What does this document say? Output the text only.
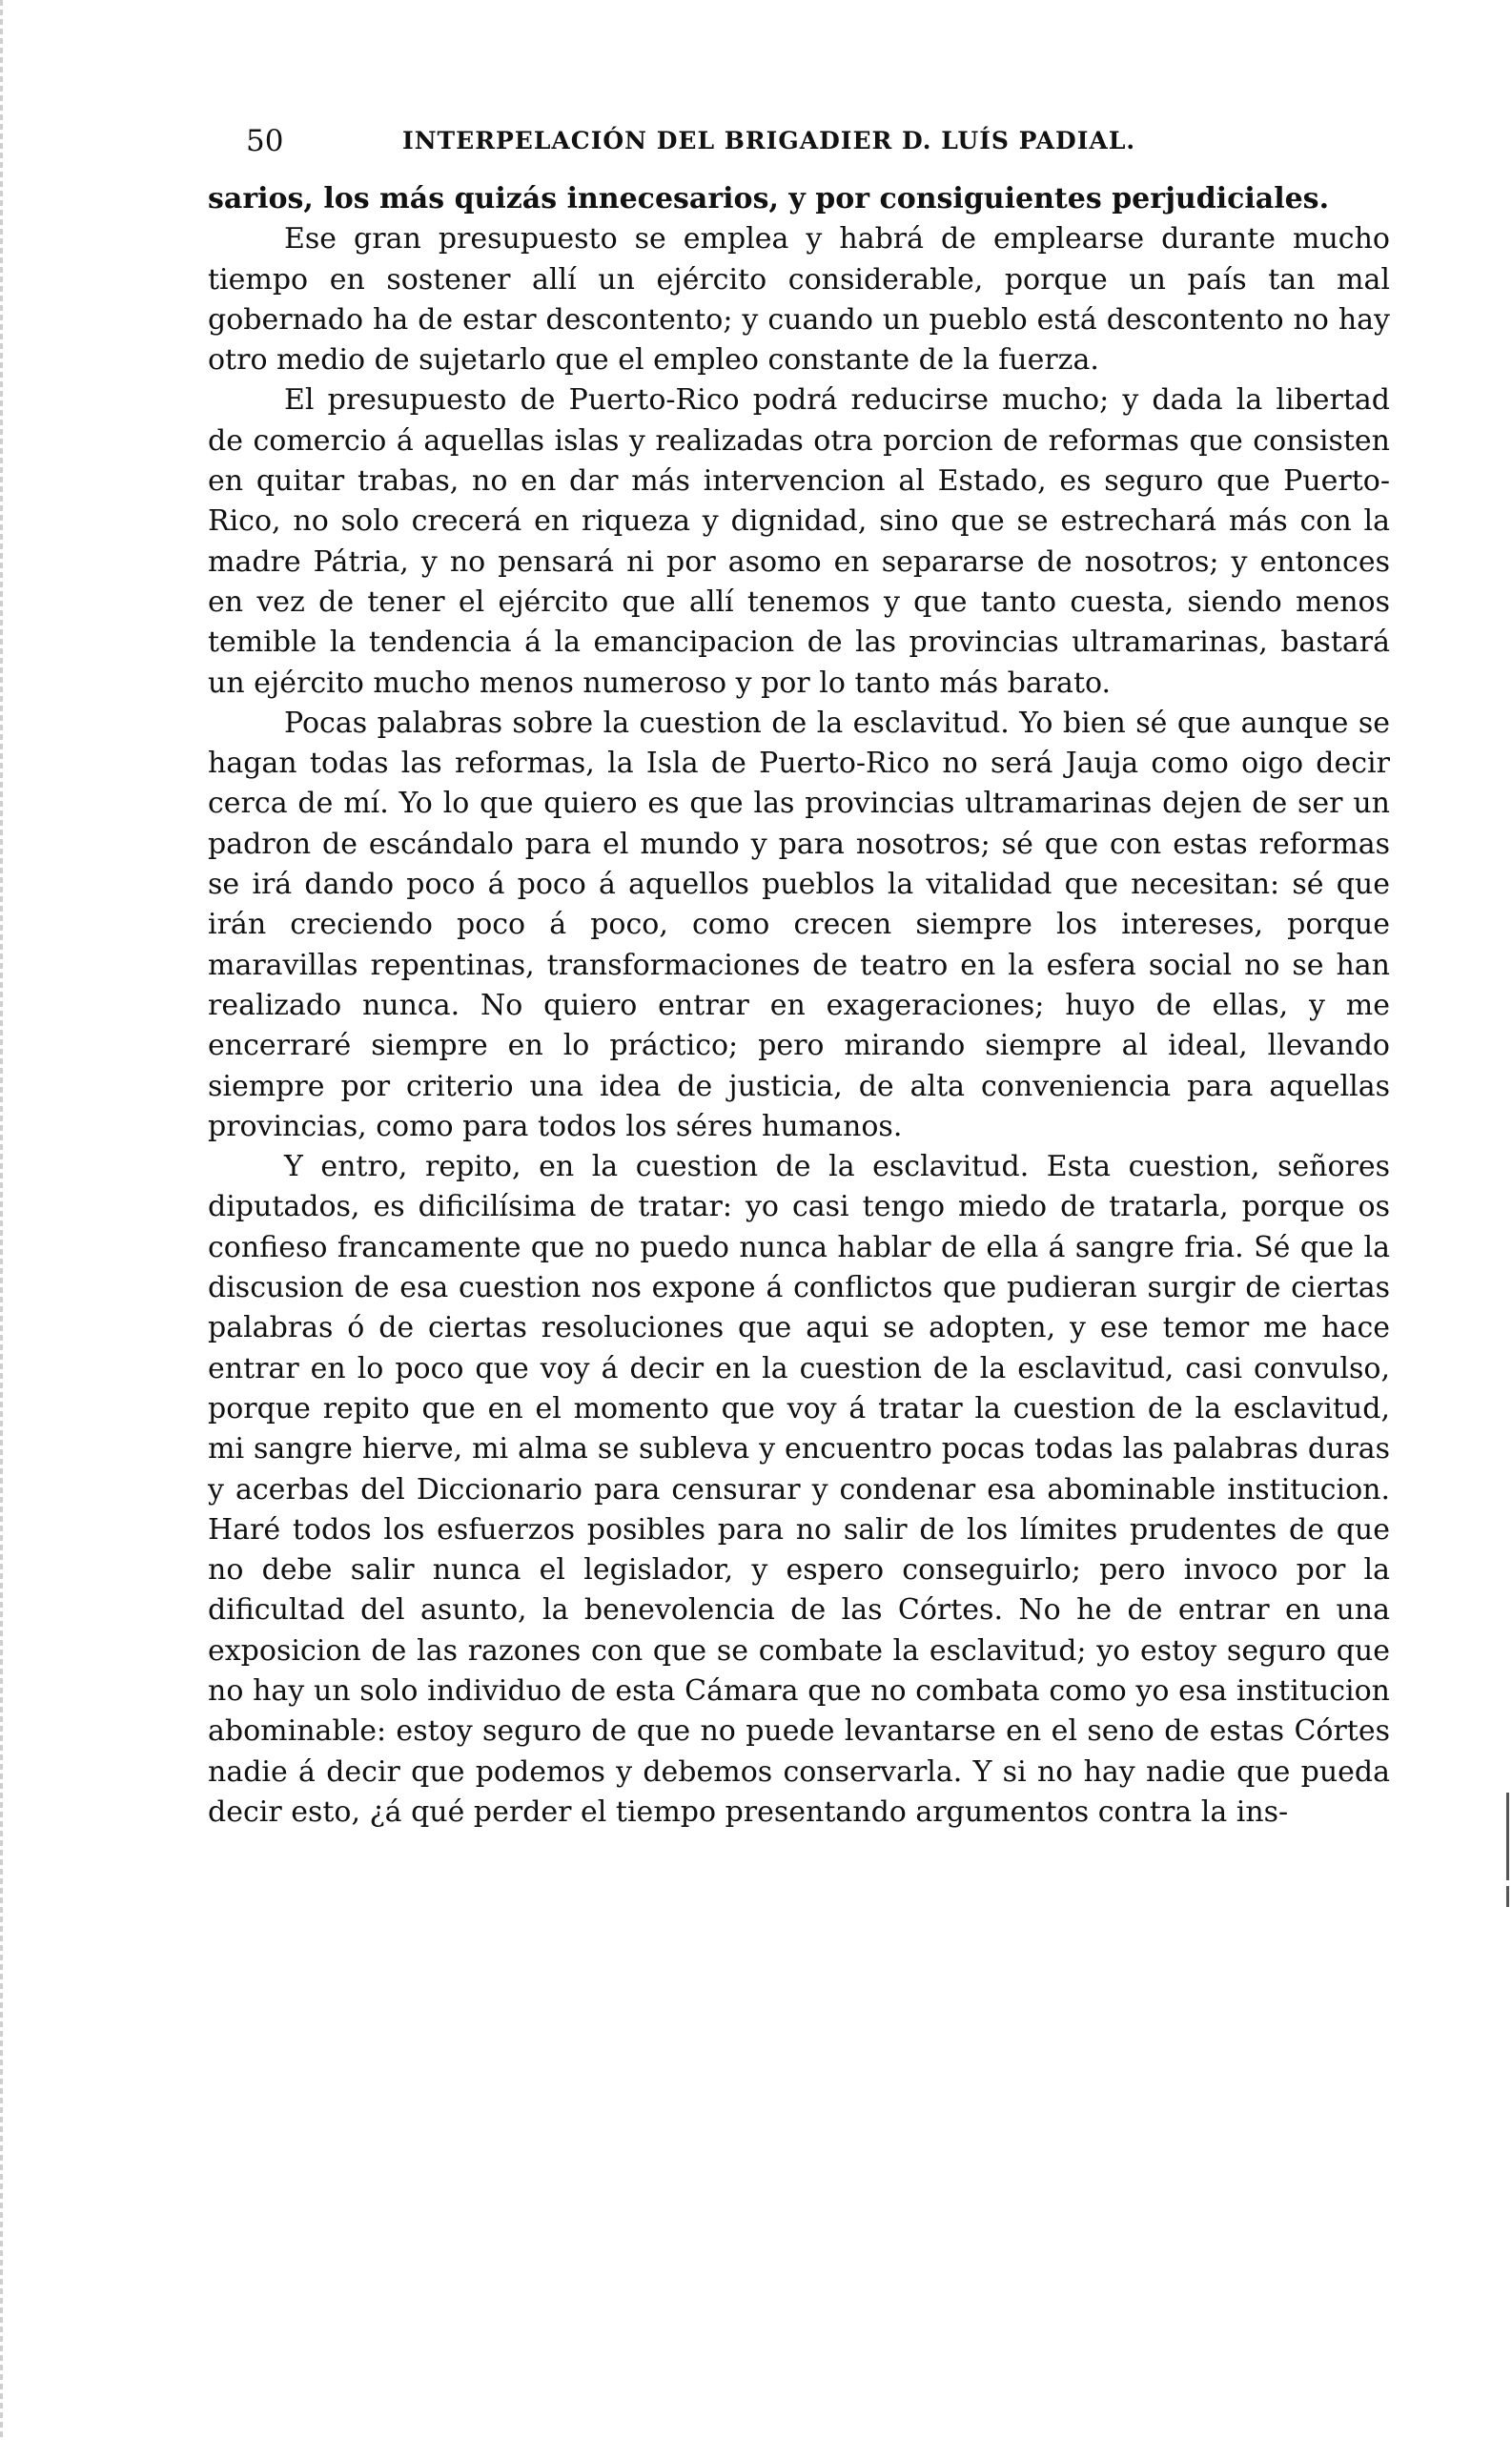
50	INTERPELACIÓN DEL BRIGADIER D. LUÍS PADIAL.

sarios, los más quizás innecesarios, y por consiguientes perjudiciales.

Ese gran presupuesto se emplea y habrá de emplearse durante mucho tiempo en sostener allí un ejército considerable, porque un país tan mal gobernado ha de estar descontento; y cuando un pueblo está descontento no hay otro medio de sujetarlo que el empleo constante de la fuerza.

El presupuesto de Puerto-Rico podrá reducirse mucho; y dada la libertad de comercio á aquellas islas y realizadas otra porcion de reformas que consisten en quitar trabas, no en dar más intervencion al Estado, es seguro que Puerto-Rico, no solo crecerá en riqueza y dignidad, sino que se estrechará más con la madre Pátria, y no pensará ni por asomo en separarse de nosotros; y entonces en vez de tener el ejército que allí tenemos y que tanto cuesta, siendo menos temible la tendencia á la emancipacion de las provincias ultramarinas, bastará un ejército mucho menos numeroso y por lo tanto más barato.

Pocas palabras sobre la cuestion de la esclavitud. Yo bien sé que aunque se hagan todas las reformas, la Isla de Puerto-Rico no será Jauja como oigo decir cerca de mí. Yo lo que quiero es que las provincias ultramarinas dejen de ser un padron de escándalo para el mundo y para nosotros; sé que con estas reformas se irá dando poco á poco á aquellos pueblos la vitalidad que necesitan: sé que irán creciendo poco á poco, como crecen siempre los intereses, porque maravillas repentinas, transformaciones de teatro en la esfera social no se han realizado nunca. No quiero entrar en exageraciones; huyo de ellas, y me encerraré siempre en lo práctico; pero mirando siempre al ideal, llevando siempre por criterio una idea de justicia, de alta conveniencia para aquellas provincias, como para todos los séres humanos.

Y entro, repito, en la cuestion de la esclavitud. Esta cuestion, señores diputados, es dificilísima de tratar: yo casi tengo miedo de tratarla, porque os confieso francamente que no puedo nunca hablar de ella á sangre fria. Sé que la discusion de esa cuestion nos expone á conflictos que pudieran surgir de ciertas palabras ó de ciertas resoluciones que aqui se adopten, y ese temor me hace entrar en lo poco que voy á decir en la cuestion de la esclavitud, casi convulso, porque repito que en el momento que voy á tratar la cuestion de la esclavitud, mi sangre hierve, mi alma se subleva y encuentro pocas todas las palabras duras y acerbas del Diccionario para censurar y condenar esa abominable institucion. Haré todos los esfuerzos posibles para no salir de los límites prudentes de que no debe salir nunca el legislador, y espero conseguirlo; pero invoco por la dificultad del asunto, la benevolencia de las Córtes. No he de entrar en una exposicion de las razones con que se combate la esclavitud; yo estoy seguro que no hay un solo individuo de esta Cámara que no combata como yo esa institucion abominable: estoy seguro de que no puede levantarse en el seno de estas Córtes nadie á decir que podemos y debemos conservarla. Y si no hay nadie que pueda decir esto, ¿á qué perder el tiempo presentando argumentos contra la ins-
